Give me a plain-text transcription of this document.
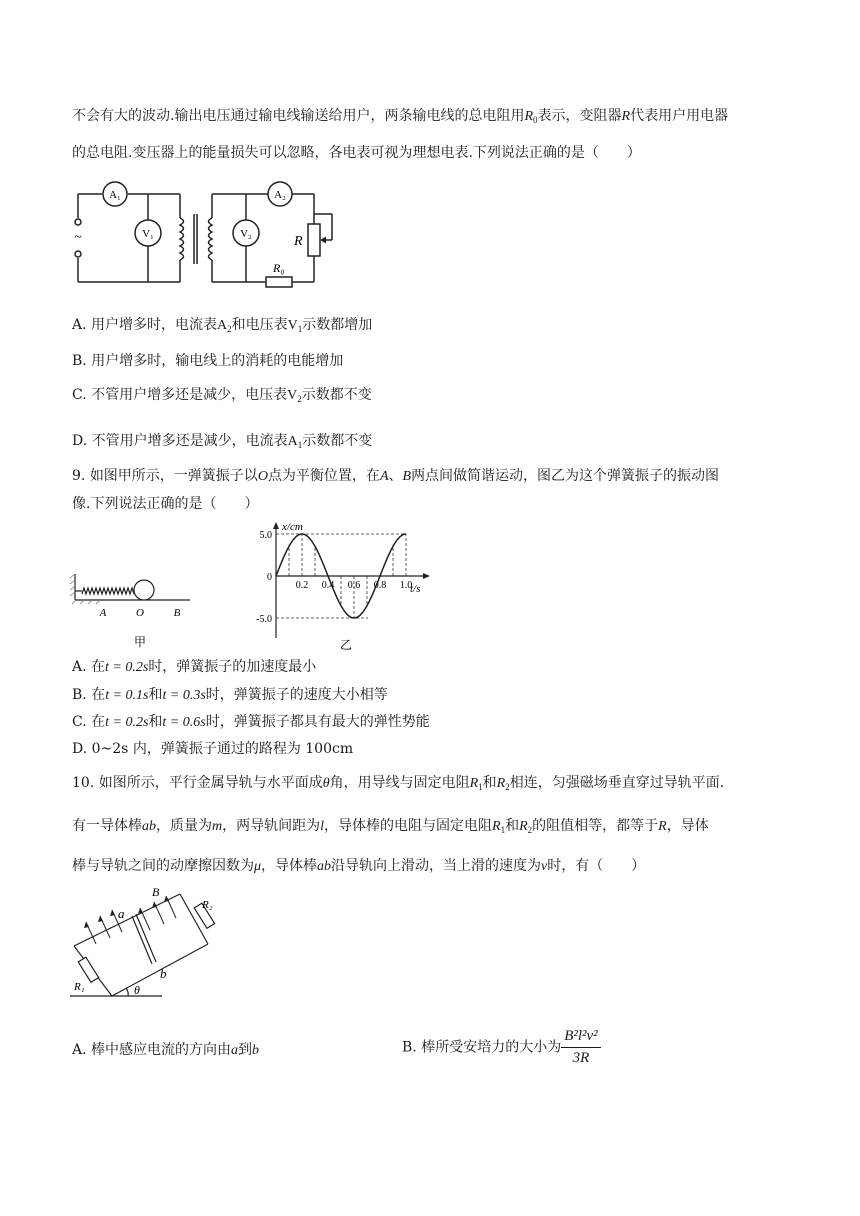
不会有大的波动.输出电压通过输电线输送给用户，两条输电线的总电阻用$R_0$表示，变阻器R代表用户用电器
的总电阻.变压器上的能量损失可以忽略，各电表可视为理想电表.下列说法正确的是（　　）
~
A₁
V₁
A₂
V₂	R
R₀
A. 用户增多时，电流表$A_2$和电压表$V_1$示数都增加
B. 用户增多时，输电线上的消耗的电能增加
C. 不管用户增多还是减少，电压表$V_2$示数都不变
D. 不管用户增多还是减少，电流表$A_1$示数都不变
9. 如图甲所示，一弹簧振子以O点为平衡位置，在A、B两点间做简谐运动，图乙为这个弹簧振子的振动图
像.下列说法正确的是（　　）
A	O	B
甲
0.2 0.4 0.6 0.8 1.0
5.0
0
-5.0
x/cm
t/s
乙
A. 在t = 0.2s时，弹簧振子的加速度最小
B. 在t = 0.1s和t = 0.3s时，弹簧振子的速度大小相等
C. 在t = 0.2s和t = 0.6s时，弹簧振子都具有最大的弹性势能
D. 0~2s 内，弹簧振子通过的路程为 100cm
10. 如图所示，平行金属导轨与水平面成θ角，用导线与固定电阻$R_1$和$R_2$相连，匀强磁场垂直穿过导轨平面.
有一导体棒ab，质量为m，两导轨间距为l，导体棒的电阻与固定电阻$R_1$和$R_2$的阻值相等，都等于R，导体
棒与导轨之间的动摩擦因数为μ，导体棒ab沿导轨向上滑动，当上滑的速度为v时，有（　　）
B
a
b
R₂
R₁	θ
A. 棒中感应电流的方向由a到b	B. 棒所受安培力的大小为 $\frac{\text{B²l²v²}}{3R}$
